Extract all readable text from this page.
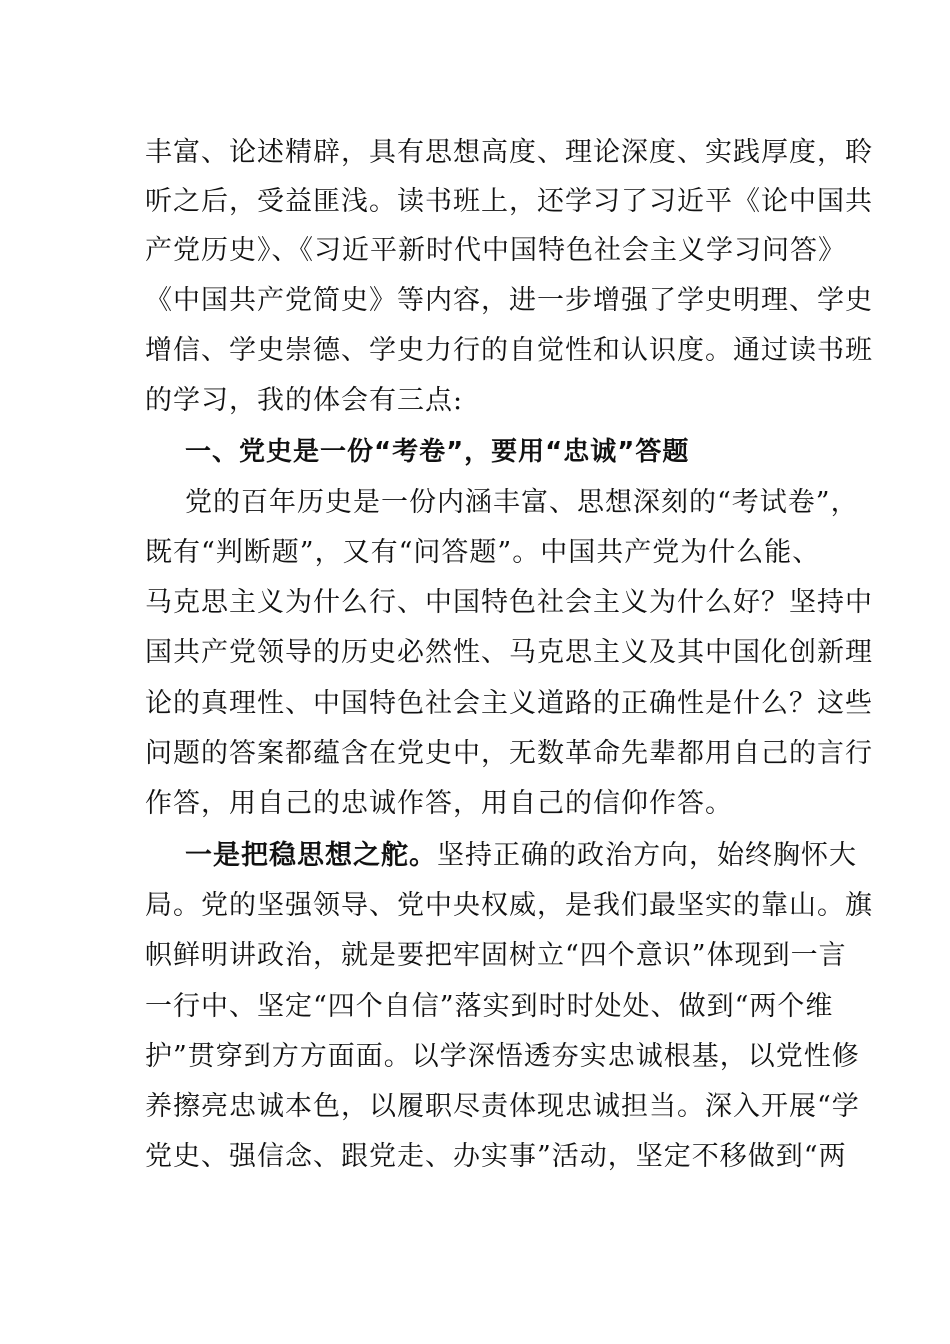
丰富、论述精辟，具有思想高度、理论深度、实践厚度，聆
听之后，受益匪浅。读书班上，还学习了习近平《论中国共
产党历史》、《习近平新时代中国特色社会主义学习问答》
《中国共产党简史》等内容，进一步增强了学史明理、学史
增信、学史崇德、学史力行的自觉性和认识度。通过读书班
的学习，我的体会有三点:
一、党史是一份“考卷”，要用“忠诚”答题
党的百年历史是一份内涵丰富、思想深刻的“考试卷”，
既有“判断题”，又有“问答题”。中国共产党为什么能、
马克思主义为什么行、中国特色社会主义为什么好？坚持中
国共产党领导的历史必然性、马克思主义及其中国化创新理
论的真理性、中国特色社会主义道路的正确性是什么？这些
问题的答案都蕴含在党史中，无数革命先辈都用自己的言行
作答，用自己的忠诚作答，用自己的信仰作答。
一是把稳思想之舵。坚持正确的政治方向，始终胸怀大
局。党的坚强领导、党中央权威，是我们最坚实的靠山。旗
帜鲜明讲政治，就是要把牢固树立“四个意识”体现到一言
一行中、坚定“四个自信”落实到时时处处、做到“两个维
护”贯穿到方方面面。以学深悟透夯实忠诚根基，以党性修
养擦亮忠诚本色，以履职尽责体现忠诚担当。深入开展“学
党史、强信念、跟党走、办实事”活动，坚定不移做到“两
